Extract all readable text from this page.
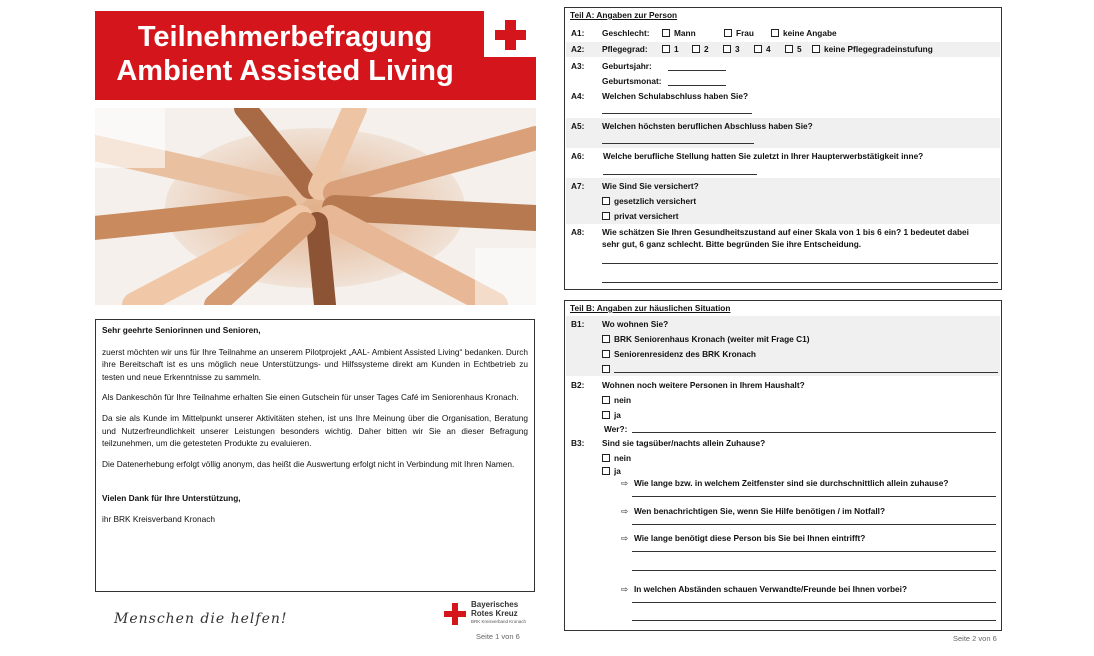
Teilnehmerbefragung
Ambient Assisted Living

Sehr geehrte Seniorinnen und Senioren,

zuerst möchten wir uns für Ihre Teilnahme an unserem Pilotprojekt „AAL- Ambient Assisted Living“ bedanken. Durch ihre Bereitschaft ist es uns möglich neue Unterstützungs- und Hilfssysteme direkt am Kunden in Echtbetrieb zu testen und neue Erkenntnisse zu sammeln.

Als Dankeschön für Ihre Teilnahme erhalten Sie einen Gutschein für unser Tages Café im Seniorenhaus Kronach.

Da sie als Kunde im Mittelpunkt unserer Aktivitäten stehen, ist uns Ihre Meinung über die Organisation, Beratung und Nutzerfreundlichkeit unserer Leistungen besonders wichtig. Daher bitten wir Sie an dieser Befragung teilzunehmen, um die getesteten Produkte zu evaluieren.

Die Datenerhebung erfolgt völlig anonym, das heißt die Auswertung erfolgt nicht in Verbindung mit Ihren Namen.

Vielen Dank für Ihre Unterstützung,

ihr BRK Kreisverband Kronach

Menschen die helfen!
Bayerisches
Rotes Kreuz
BRK Kreisverband Kronach
Seite 1 von 6
Teil A: Angaben zur Person
A1: Geschlecht:	Mann	Frau	keine Angabe
A2: Pflegegrad:	1	2	3	4	5	keine Pflegegradeinstufung
A3: Geburtsjahr:
Geburtsmonat:
A4: Welchen Schulabschluss haben Sie?
A5: Welchen höchsten beruflichen Abschluss haben Sie?
A6: Welche berufliche Stellung hatten Sie zuletzt in Ihrer Haupterwerbstätigkeit inne?
A7: Wie Sind Sie versichert?
gesetzlich versichert
privat versichert
A8: Wie schätzen Sie Ihren Gesundheitszustand auf einer Skala von 1 bis 6 ein? 1 bedeutet dabei
sehr gut, 6 ganz schlecht. Bitte begründen Sie ihre Entscheidung.
Teil B: Angaben zur häuslichen Situation
B1: Wo wohnen Sie?
BRK Seniorenhaus Kronach (weiter mit Frage C1)
Seniorenresidenz des BRK Kronach
B2: Wohnen noch weitere Personen in Ihrem Haushalt?
nein
ja
Wer?:
B3: Sind sie tagsüber/nachts allein Zuhause?
nein
ja
⇨ Wie lange bzw. in welchem Zeitfenster sind sie durchschnittlich allein zuhause?
⇨ Wen benachrichtigen Sie, wenn Sie Hilfe benötigen / im Notfall?
⇨ Wie lange benötigt diese Person bis Sie bei Ihnen eintrifft?
⇨ In welchen Abständen schauen Verwandte/Freunde bei Ihnen vorbei?
Seite 2 von 6
